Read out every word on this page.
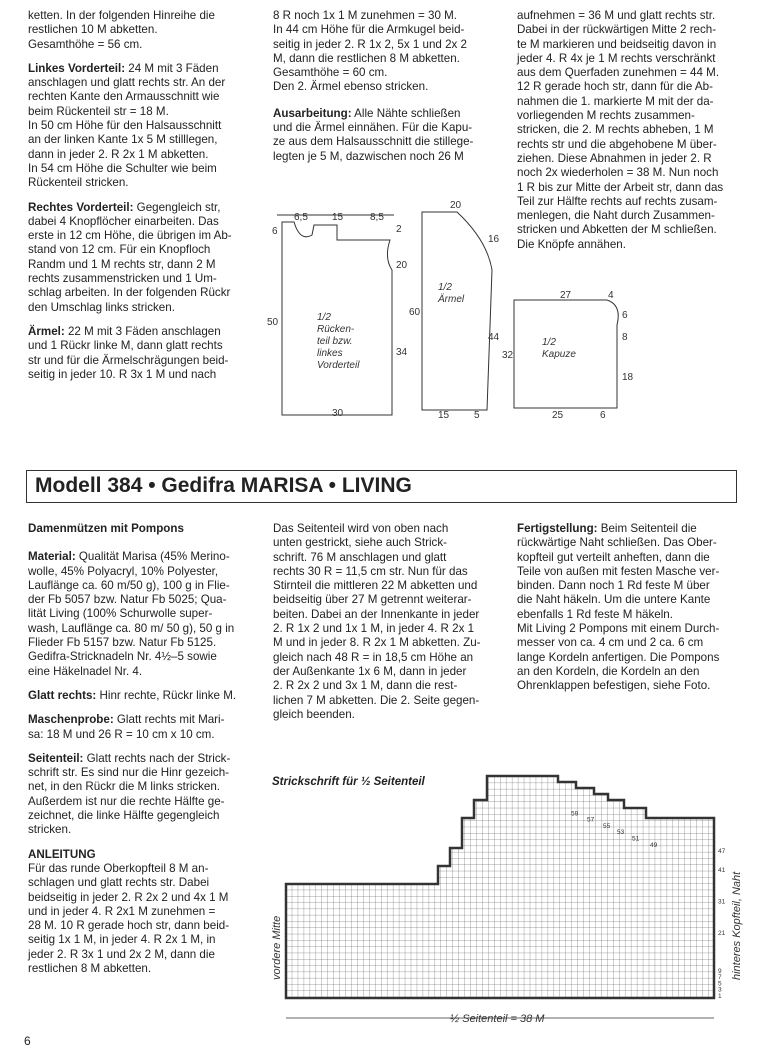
ketten. In der folgenden Hinreihe die
restlichen 10 M abketten.
Gesamthöhe = 56 cm.

Linkes Vorderteil: 24 M mit 3 Fäden
anschlagen und glatt rechts str. An der
rechten Kante den Armausschnitt wie
beim Rückenteil str = 18 M.
In 50 cm Höhe für den Halsausschnitt
an der linken Kante 1x 5 M stilllegen,
dann in jeder 2. R 2x 1 M abketten.
In 54 cm Höhe die Schulter wie beim
Rückenteil stricken.

Rechtes Vorderteil: Gegengleich str,
dabei 4 Knopflöcher einarbeiten. Das
erste in 12 cm Höhe, die übrigen im Ab-
stand von 12 cm. Für ein Knopfloch
Randm und 1 M rechts str, dann 2 M
rechts zusammenstricken und 1 Um-
schlag arbeiten. In der folgenden Rückr
den Umschlag links stricken.

Ärmel: 22 M mit 3 Fäden anschlagen
und 1 Rückr linke M, dann glatt rechts
str und für die Ärmelschrägungen beid-
seitig in jeder 10. R 3x 1 M und nach

8 R noch 1x 1 M zunehmen = 30 M.
In 44 cm Höhe für die Armkugel beid-
seitig in jeder 2. R 1x 2, 5x 1 und 2x 2
M, dann die restlichen 8 M abketten.
Gesamthöhe = 60 cm.
Den 2. Ärmel ebenso stricken.

Ausarbeitung: Alle Nähte schließen
und die Ärmel einnähen. Für die Kapu-
ze aus dem Halsausschnitt die stillege-
legten je 5 M, dazwischen noch 26 M

aufnehmen = 36 M und glatt rechts str.
Dabei in der rückwärtigen Mitte 2 rech-
te M markieren und beidseitig davon in
jeder 4. R 4x je 1 M rechts verschränkt
aus dem Querfaden zunehmen = 44 M.
12 R gerade hoch str, dann für die Ab-
nahmen die 1. markierte M mit der da-
vorliegenden M rechts zusammen-
stricken, die 2. M rechts abheben, 1 M
rechts str und die abgehobene M über-
ziehen. Diese Abnahmen in jeder 2. R
noch 2x wiederholen = 38 M. Nun noch
1 R bis zur Mitte der Arbeit str, dann das
Teil zur Hälfte rechts auf rechts zusam-
menlegen, die Naht durch Zusammen-
stricken und Abketten der M schließen.
Die Knöpfe annähen.

6,5 15	8,5
6	2
50
20
34
30
1/2 Rücken-teil bzw. linkes Vorderteil
20
16
60
44
15 5
1/2 Ärmel	27	4
6
8
18
32
25	6
1/2 Kapuze
Modell 384 • Gedifra MARISA • LIVING

Damenmützen mit Pompons

Material: Qualität Marisa (45% Merino-
wolle, 45% Polyacryl, 10% Polyester,
Lauflänge ca. 60 m/50 g), 100 g in Flie-
der Fb 5057 bzw. Natur Fb 5025; Qua-
lität Living (100% Schurwolle super-
wash, Lauflänge ca. 80 m/ 50 g), 50 g in
Flieder Fb 5157 bzw. Natur Fb 5125.
Gedifra-Stricknadeln Nr. 4½–5 sowie
eine Häkelnadel Nr. 4.

Glatt rechts: Hinr rechte, Rückr linke M.

Maschenprobe: Glatt rechts mit Mari-
sa: 18 M und 26 R = 10 cm x 10 cm.

Seitenteil: Glatt rechts nach der Strick-
schrift str. Es sind nur die Hinr gezeich-
net, in den Rückr die M links stricken.
Außerdem ist nur die rechte Hälfte ge-
zeichnet, die linke Hälfte gegengleich
stricken.

ANLEITUNG
Für das runde Oberkopfteil 8 M an-
schlagen und glatt rechts str. Dabei
beidseitig in jeder 2. R 2x 2 und 4x 1 M
und in jeder 4. R 2x1 M zunehmen =
28 M. 10 R gerade hoch str, dann beid-
seitig 1x 1 M, in jeder 4. R 2x 1 M, in
jeder 2. R 3x 1 und 2x 2 M, dann die
restlichen 8 M abketten.

Das Seitenteil wird von oben nach
unten gestrickt, siehe auch Strick-
schrift. 76 M anschlagen und glatt
rechts 30 R = 11,5 cm str. Nun für das
Stirnteil die mittleren 22 M abketten und
beidseitig über 27 M getrennt weiterar-
beiten. Dabei an der Innenkante in jeder
2. R 1x 2 und 1x 1 M, in jeder 4. R 2x 1
M und in jeder 8. R 2x 1 M abketten. Zu-
gleich nach 48 R = in 18,5 cm Höhe an
der Außenkante 1x 6 M, dann in jeder
2. R 2x 2 und 3x 1 M, dann die rest-
lichen 7 M abketten. Die 2. Seite gegen-
gleich beenden.

Fertigstellung: Beim Seitenteil die
rückwärtige Naht schließen. Das Ober-
kopfteil gut verteilt anheften, dann die
Teile von außen mit festen Masche ver-
binden. Dann noch 1 Rd feste M über
die Naht häkeln. Um die untere Kante
ebenfalls 1 Rd feste M häkeln.
Mit Living 2 Pompons mit einem Durch-
messer von ca. 4 cm und 2 ca. 6 cm
lange Kordeln anfertigen. Die Pompons
an den Kordeln, die Kordeln an den
Ohrenklappen befestigen, siehe Foto.

Strickschrift für ½ Seitenteil
½ Seitenteil = 38 M
vordere Mitte	hinteres Kopfteil, Naht
47
41
31
21
9
7
5
3
1
59
57
55
53
51
49
6
